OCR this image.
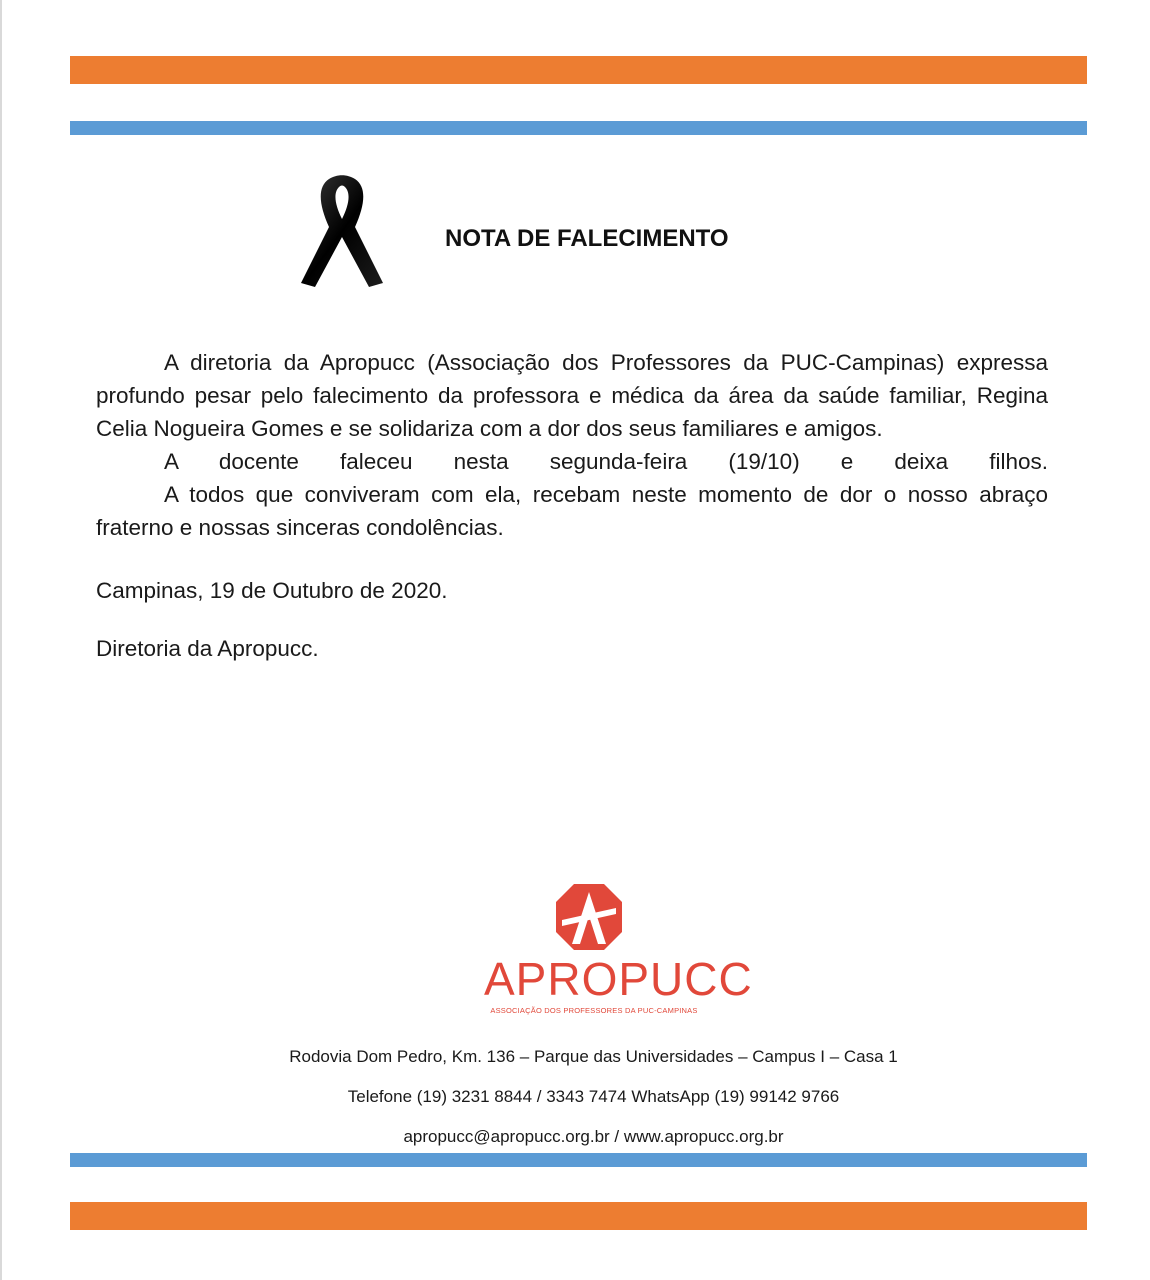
NOTA DE FALECIMENTO

A diretoria da Apropucc (Associação dos Professores da PUC-Campinas) expressa profundo pesar pelo falecimento da professora e médica da área da saúde familiar, Regina Celia Nogueira Gomes e se solidariza com a dor dos seus familiares e amigos.

A docente faleceu nesta segunda-feira (19/10) e deixa filhos.

A todos que conviveram com ela, recebam neste momento de dor o nosso abraço fraterno e nossas sinceras condolências.

Campinas, 19 de Outubro de 2020.

Diretoria da Apropucc.

APROPUCC

ASSOCIAÇÃO DOS PROFESSORES DA PUC-CAMPINAS

Rodovia Dom Pedro, Km. 136 – Parque das Universidades – Campus I – Casa 1

Telefone (19) 3231 8844 / 3343 7474 WhatsApp (19) 99142 9766

apropucc@apropucc.org.br / www.apropucc.org.br
